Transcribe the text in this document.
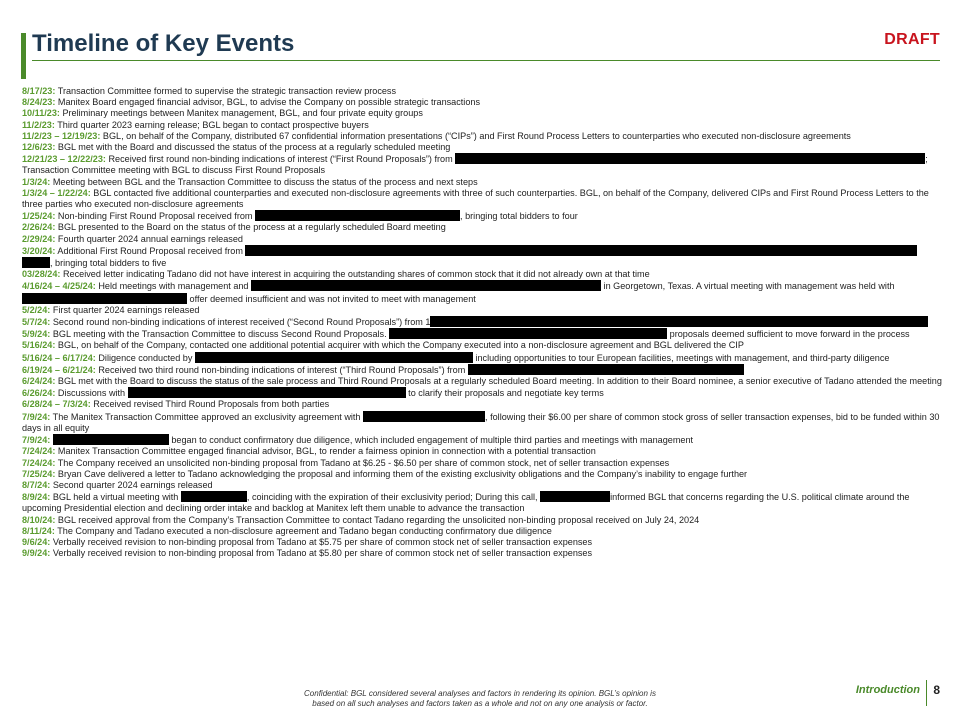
Timeline of Key Events	DRAFT

8/17/23: Transaction Committee formed to supervise the strategic transaction review process

8/24/23: Manitex Board engaged financial advisor, BGL, to advise the Company on possible strategic transactions

10/11/23: Preliminary meetings between Manitex management, BGL, and four private equity groups

11/2/23: Third quarter 2023 earning release; BGL began to contact prospective buyers

11/2/23 – 12/19/23: BGL, on behalf of the Company, distributed 67 confidential information presentations (“CIPs”) and First Round Process Letters to counterparties who executed non-disclosure agreements

12/6/23: BGL met with the Board and discussed the status of the process at a regularly scheduled meeting

12/21/23 – 12/22/23: Received first round non-binding indications of interest (“First Round Proposals”) from	; Transaction Committee meeting with BGL to discuss First Round Proposals

1/3/24: Meeting between BGL and the Transaction Committee to discuss the status of the process and next steps

1/3/24 – 1/22/24: BGL contacted five additional counterparties and executed non-disclosure agreements with three of such counterparties. BGL, on behalf of the Company, delivered CIPs and First Round Process Letters to the three parties who executed non-disclosure agreements

1/25/24: Non-binding First Round Proposal received from	, bringing total bidders to four

2/26/24: BGL presented to the Board on the status of the process at a regularly scheduled Board meeting

2/29/24: Fourth quarter 2024 annual earnings released

3/20/24: Additional First Round Proposal received from , bringing total bidders to five

03/28/24: Received letter indicating Tadano did not have interest in acquiring the outstanding shares of common stock that it did not already own at that time

4/16/24 – 4/25/24: Held meetings with management and	in Georgetown, Texas. A virtual meeting with management was held with  offer deemed insufficient and was not invited to meet with management

5/2/24: First quarter 2024 earnings released

5/7/24: Second round non-binding indications of interest received (“Second Round Proposals”) from 1

5/9/24: BGL meeting with the Transaction Committee to discuss Second Round Proposals.	proposals deemed sufficient to move forward in the process

5/16/24: BGL, on behalf of the Company, contacted one additional potential acquirer with which the Company executed into a non-disclosure agreement and BGL delivered the CIP

5/16/24 – 6/17/24: Diligence conducted by	including opportunities to tour European facilities, meetings with management, and third-party diligence

6/19/24 – 6/21/24: Received two third round non-binding indications of interest (“Third Round Proposals”) from

6/24/24: BGL met with the Board to discuss the status of the sale process and Third Round Proposals at a regularly scheduled Board meeting. In addition to their Board nominee, a senior executive of Tadano attended the meeting

6/26/24: Discussions with	to clarify their proposals and negotiate key terms

6/28/24 – 7/3/24: Received revised Third Round Proposals from both parties

7/9/24: The Manitex Transaction Committee approved an exclusivity agreement with	, following their $6.00 per share of common stock gross of seller transaction expenses, bid to be funded within 30 days in all equity

7/9/24:	began to conduct confirmatory due diligence, which included engagement of multiple third parties and meetings with management

7/24/24: Manitex Transaction Committee engaged financial advisor, BGL, to render a fairness opinion in connection with a potential transaction

7/24/24: The Company received an unsolicited non-binding proposal from Tadano at $6.25 - $6.50 per share of common stock, net of seller transaction expenses

7/25/24: Bryan Cave delivered a letter to Tadano acknowledging the proposal and informing them of the existing exclusivity obligations and the Company’s inability to engage further

8/7/24: Second quarter 2024 earnings released

8/9/24: BGL held a virtual meeting with	, coinciding with the expiration of their exclusivity period; During this call,	informed BGL that concerns regarding the U.S. political climate around the upcoming Presidential election and declining order intake and backlog at Manitex left them unable to advance the transaction

8/10/24: BGL received approval from the Company’s Transaction Committee to contact Tadano regarding the unsolicited non-binding proposal received on July 24, 2024

8/11/24: The Company and Tadano executed a non-disclosure agreement and Tadano began conducting confirmatory due diligence

9/6/24: Verbally received revision to non-binding proposal from Tadano at $5.75 per share of common stock net of seller transaction expenses

9/9/24: Verbally received revision to non-binding proposal from Tadano at $5.80 per share of common stock net of seller transaction expenses

Confidential: BGL considered several analyses and factors in rendering its opinion. BGL’s opinion is
based on all such analyses and factors taken as a whole and not on any one analysis or factor.
Introduction 8
